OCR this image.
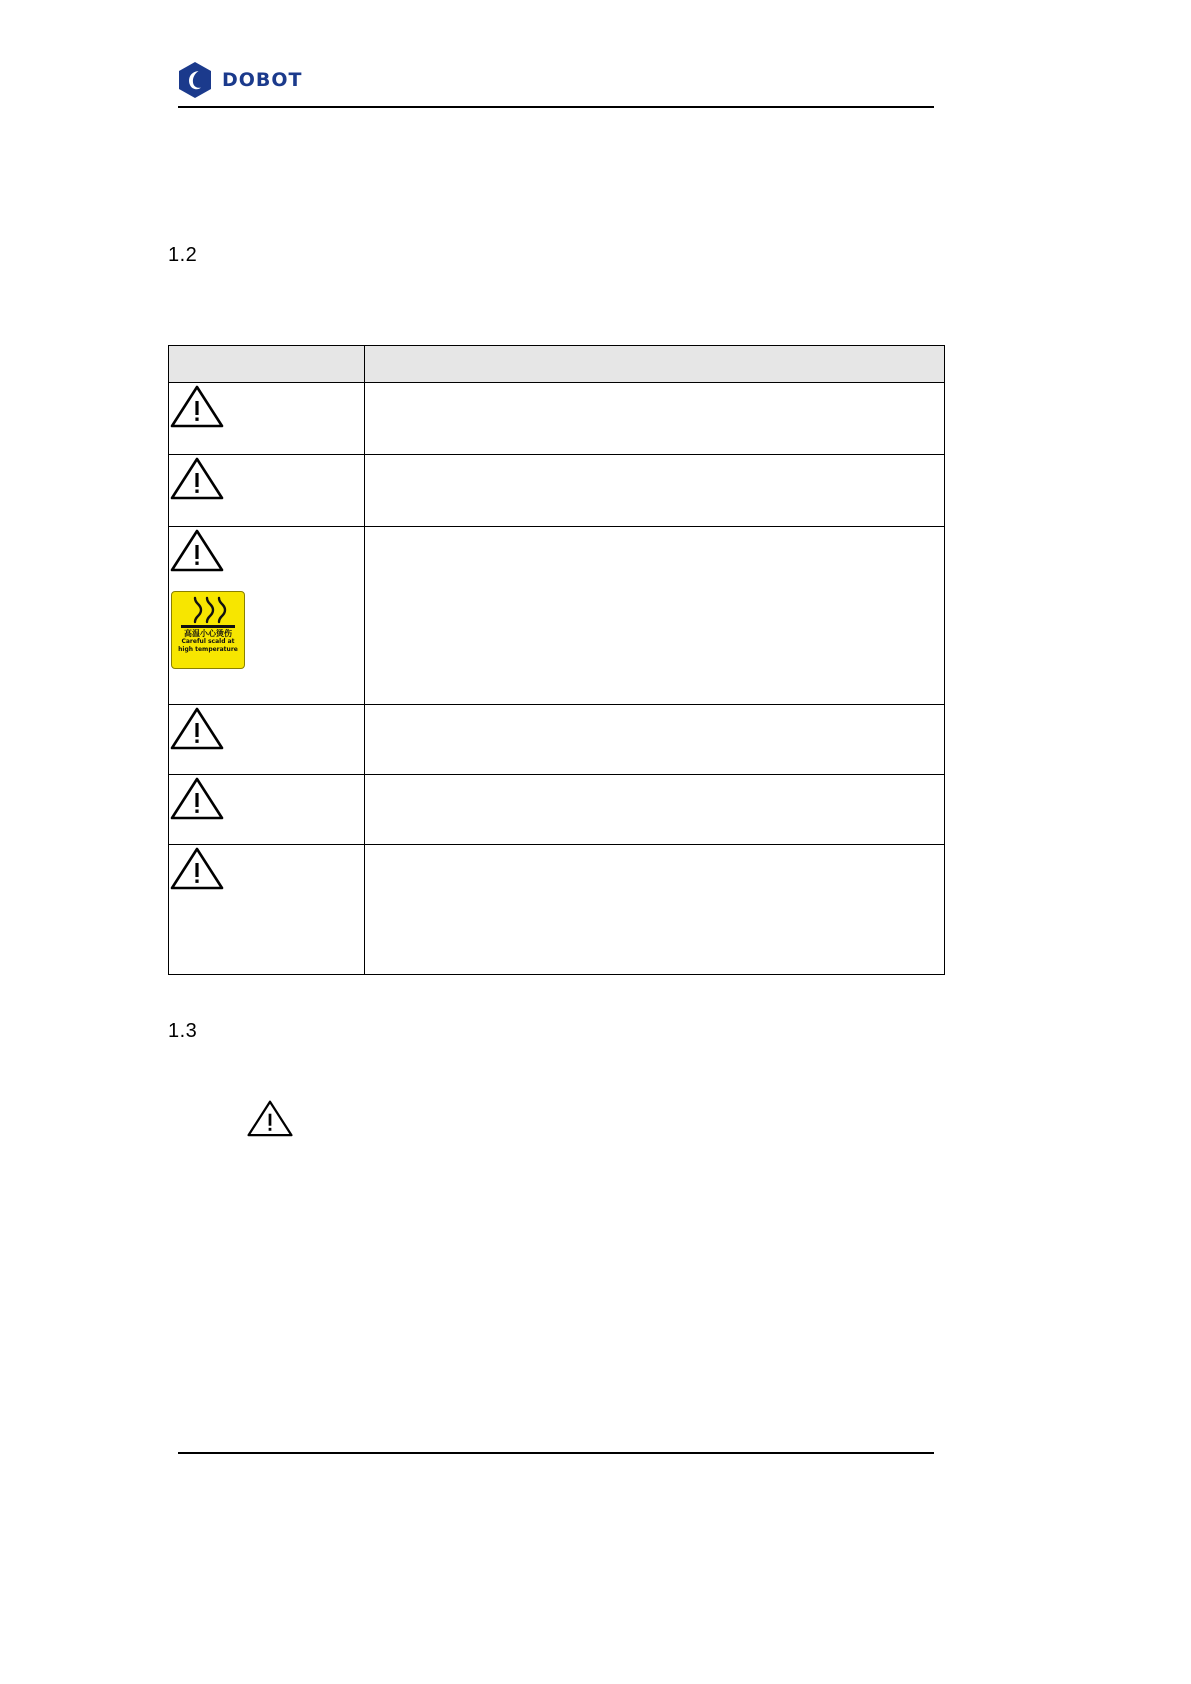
DOBOT
1.2

高温小心烫伤
Careful scald at
high temperature	

1.3
